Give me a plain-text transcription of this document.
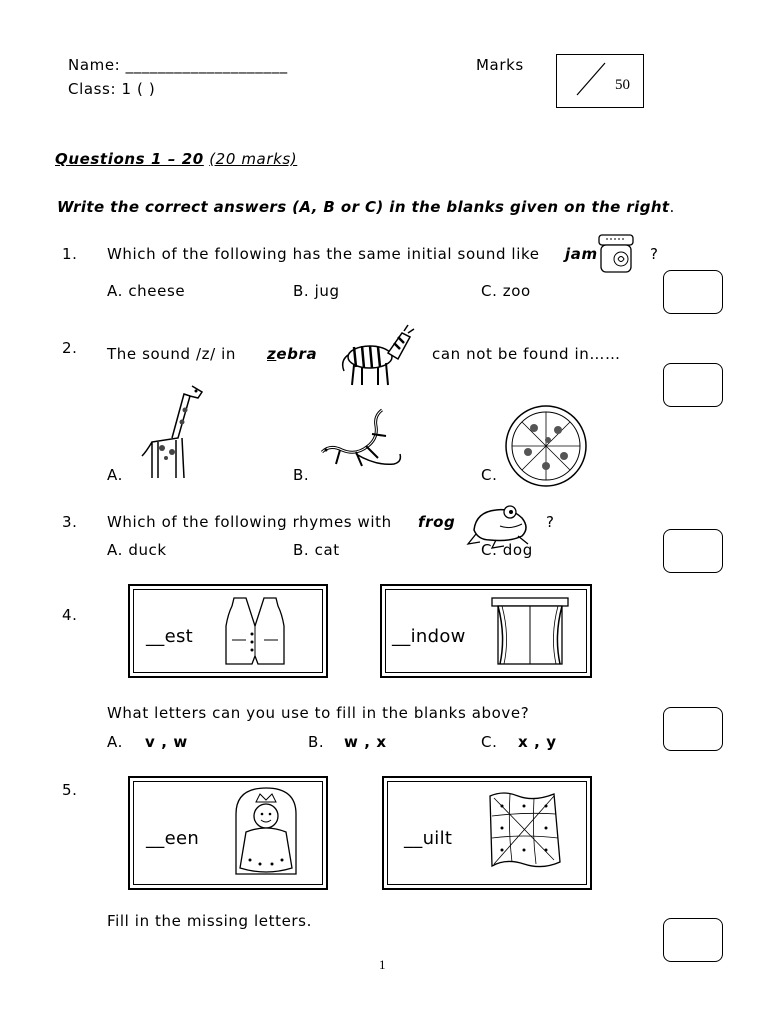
Name: ____________________
Class: 1 ( )
Marks
50
Questions 1 – 20 (20 marks)
Write the correct answers (A, B or C) in the blanks given on the right.
1. Which of the following has the same initial sound like jam	?
A. cheese	B. jug	C. zoo
2. The sound /z/ in zebra	can not be found in……
A.	B.	C.
3. Which of the following rhymes with frog	?
A. duck	B. cat	C. dog
4.
__est	__indow
What letters can you use to fill in the blanks above?
A. v , w	B. w , x	C. x , y
5.
__een	__uilt
Fill in the missing letters.
1
